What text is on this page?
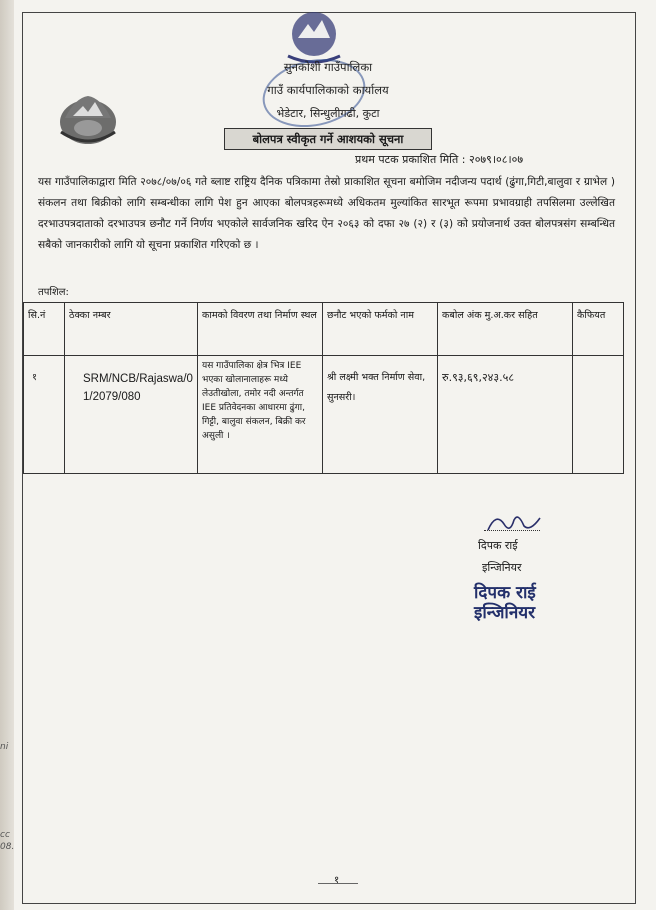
सुनकोशी गाउँपालिका
गाउँ कार्यपालिकाको कार्यालय
भेडेटार, सिन्धुलीगढी, कुटा
बोलपत्र स्वीकृत गर्ने आशयको सूचना
प्रथम पटक प्रकाशित मिति : २०७९।०८।०७
यस गाउँपालिकाद्वारा मिति २०७८/०७/०६ गते ब्लाष्ट राष्ट्रिय दैनिक पत्रिकामा तेस्रो प्राकाशित सूचना बमोजिम नदीजन्य पदार्थ (ढुंगा,गिटी,बालुवा र ग्राभेल ) संकलन तथा बिक्रीको लागि सम्बन्धीका लागि पेश हुन आएका बोलपत्रहरूमध्ये अधिकतम मुल्यांकित सारभूत रूपमा प्रभावग्राही तपसिलमा उल्लेखित दरभाउपत्रदाताको दरभाउपत्र छनौट गर्ने निर्णय भएकोले सार्वजनिक खरिद ऐन २०६३ को दफा २७ (२) र (३) को प्रयोजनार्थ उक्त बोलपत्रसंग सम्बन्धित सबैको जानकारीको लागि यो सूचना प्रकाशित गरिएको छ ।
तपशिल:
सि.नं	ठेक्का नम्बर	कामको विवरण तथा निर्माण स्थल	छनौट भएको फर्मको नाम	कबोल अंक मु.अ.कर सहित	कैफियत
१	SRM/NCB/Rajaswa/01/2079/080	यस गाउँपालिका क्षेत्र भित्र IEE भएका खोलानालाहरू मध्ये लेउतीखोला, तमोर नदी अन्तर्गत IEE प्रतिवेदनका आधारमा ढुंगा, गिट्टी, बालुवा संकलन, बिक्री कर असुली ।	श्री लक्ष्मी भक्त निर्माण सेवा, सुनसरी।	रु.९३,६९,२४३.५८	
दिपक राई
इन्जिनियर
दिपक राई
इन्जिनियर
१
ni
cc
08.
